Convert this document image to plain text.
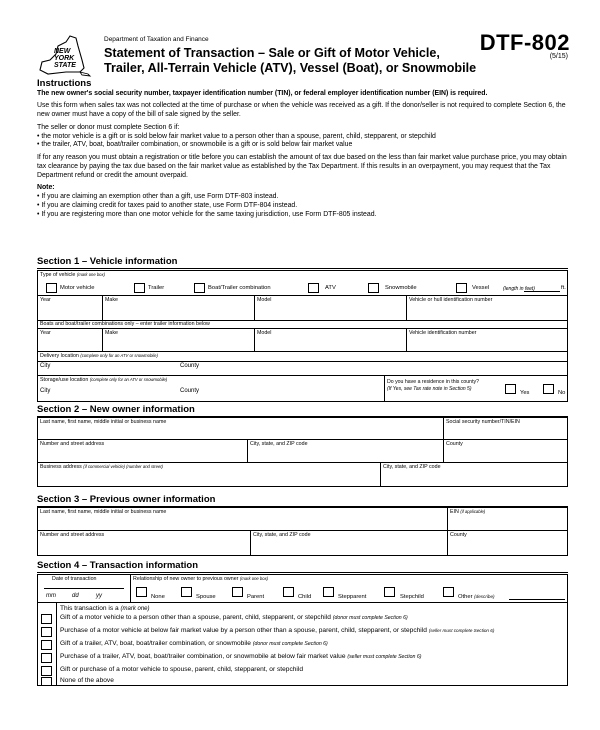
NEW YORK STATE
Department of Taxation and Finance
Statement of Transaction – Sale or Gift of Motor Vehicle,
Trailer, All-Terrain Vehicle (ATV), Vessel (Boat), or Snowmobile
DTF-802
(5/15)
Instructions

The new owner's social security number, taxpayer identification number (TIN), or federal employer identification number (EIN) is required.

Use this form when sales tax was not collected at the time of purchase or when the vehicle was received as a gift. If the donor/seller is not required to complete Section 6, the new owner must have a copy of the bill of sale signed by the seller.

The seller or donor must complete Section 6 if:

• the motor vehicle is a gift or is sold below fair market value to a person other than a spouse, parent, child, stepparent, or stepchild
• the trailer, ATV, boat, boat/trailer combination, or snowmobile is a gift or is sold below fair market value

If for any reason you must obtain a registration or title before you can establish the amount of tax due based on the less than fair market value purchase price, you may obtain tax clearance by paying the tax due based on the fair market value as established by the Tax Department. If this results in an overpayment, you may request that the Tax Department refund or credit the amount overpaid.

Note:

• If you are claiming an exemption other than a gift, use Form DTF-803 instead.
• If you are claiming credit for taxes paid to another state, use Form DTF-804 instead.
• If you are registering more than one motor vehicle for the same taxing jurisdiction, use Form DTF-805 instead.
Section 1 – Vehicle information
Type of vehicle (mark one box)
Motor vehicle	Trailer	Boat/Trailer combination	ATV	Snowmobile	Vessel	(length in feet)	ft.
Year	Make	Model	Vehicle or hull identification number
Boats and boat/trailer combinations only – enter trailer information below
Year	Make	Model	Vehicle identification number
Delivery location (complete only for an ATV or snowmobile)
City	County
Storage/use location (complete only for an ATV or snowmobile)
City	County
Do you have a residence in this county?
(If Yes, see Tax rate note in Section 5)
Yes	No
Section 2 – New owner information
Last name, first name, middle initial or business name	Social security number/TIN/EIN
Number and street address	City, state, and ZIP code	County
Business address (if commercial vehicle) (number and street)	City, state, and ZIP code
Section 3 – Previous owner information
Last name, first name, middle initial or business name	EIN (if applicable)
Number and street address	City, state, and ZIP code	County
Section 4 – Transaction information
Date of transaction
mm	dd	yy
Relationship of new owner to previous owner (mark one box)
None	Spouse	Parent	Child	Stepparent	Stepchild	Other (describe)
This transaction is a (mark one)
Gift of a motor vehicle to a person other than a spouse, parent, child, stepparent, or stepchild (donor must complete Section 6)
Purchase of a motor vehicle at below fair market value by a person other than a spouse, parent, child, stepparent, or stepchild (seller must complete Section 6)
Gift of a trailer, ATV, boat, boat/trailer combination, or snowmobile (donor must complete Section 6)
Purchase of a trailer, ATV, boat, boat/trailer combination, or snowmobile at below fair market value (seller must complete Section 6)
Gift or purchase of a motor vehicle to spouse, parent, child, stepparent, or stepchild
None of the above
